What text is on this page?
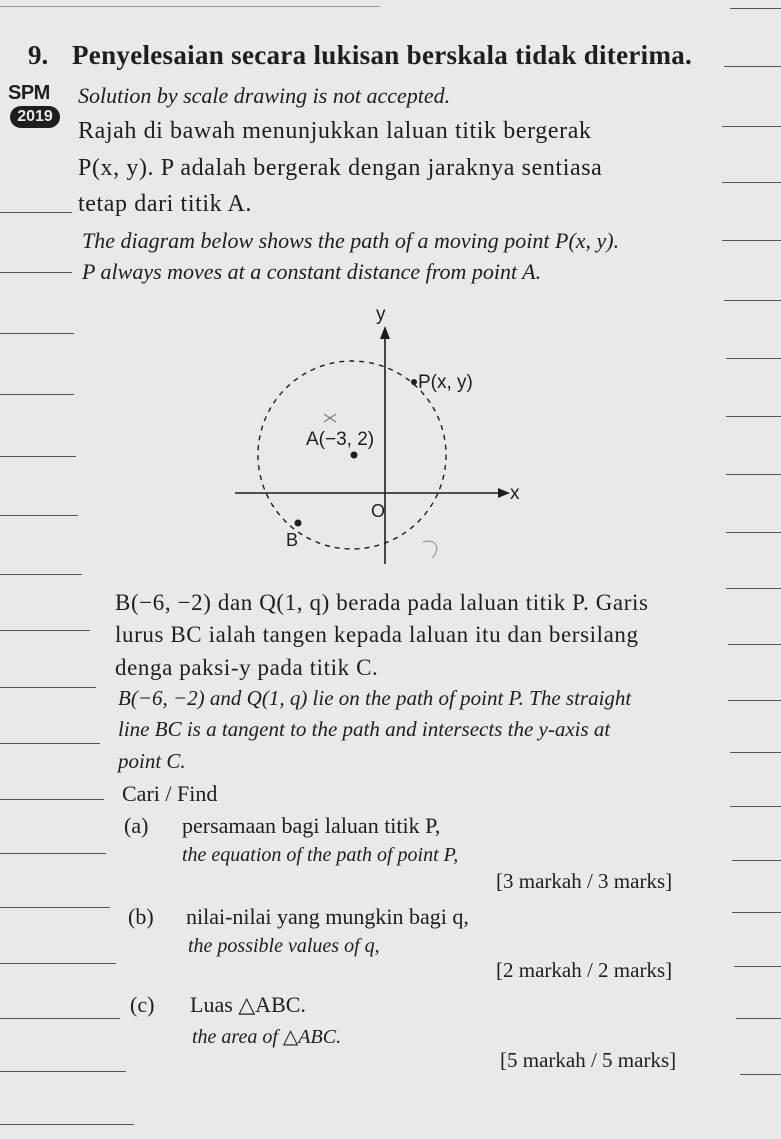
9. Penyelesaian secara lukisan berskala tidak diterima.
SPM
2019
Solution by scale drawing is not accepted.
Rajah di bawah menunjukkan laluan titik bergerak
P(x, y). P adalah bergerak dengan jaraknya sentiasa
tetap dari titik A.
The diagram below shows the path of a moving point P(x, y).
P always moves at a constant distance from point A.
y
x
O
P(x, y)
A(−3, 2)
B
B(−6, −2) dan Q(1, q) berada pada laluan titik P. Garis
lurus BC ialah tangen kepada laluan itu dan bersilang
denga paksi-y pada titik C.
B(−6, −2) and Q(1, q) lie on the path of point P. The straight
line BC is a tangent to the path and intersects the y-axis at
point C.
Cari / Find
(a) persamaan bagi laluan titik P,
the equation of the path of point P,
[3 markah / 3 marks]
(b) nilai-nilai yang mungkin bagi q,
the possible values of q,
[2 markah / 2 marks]
(c) Luas △ABC.
the area of △ABC.
[5 markah / 5 marks]
